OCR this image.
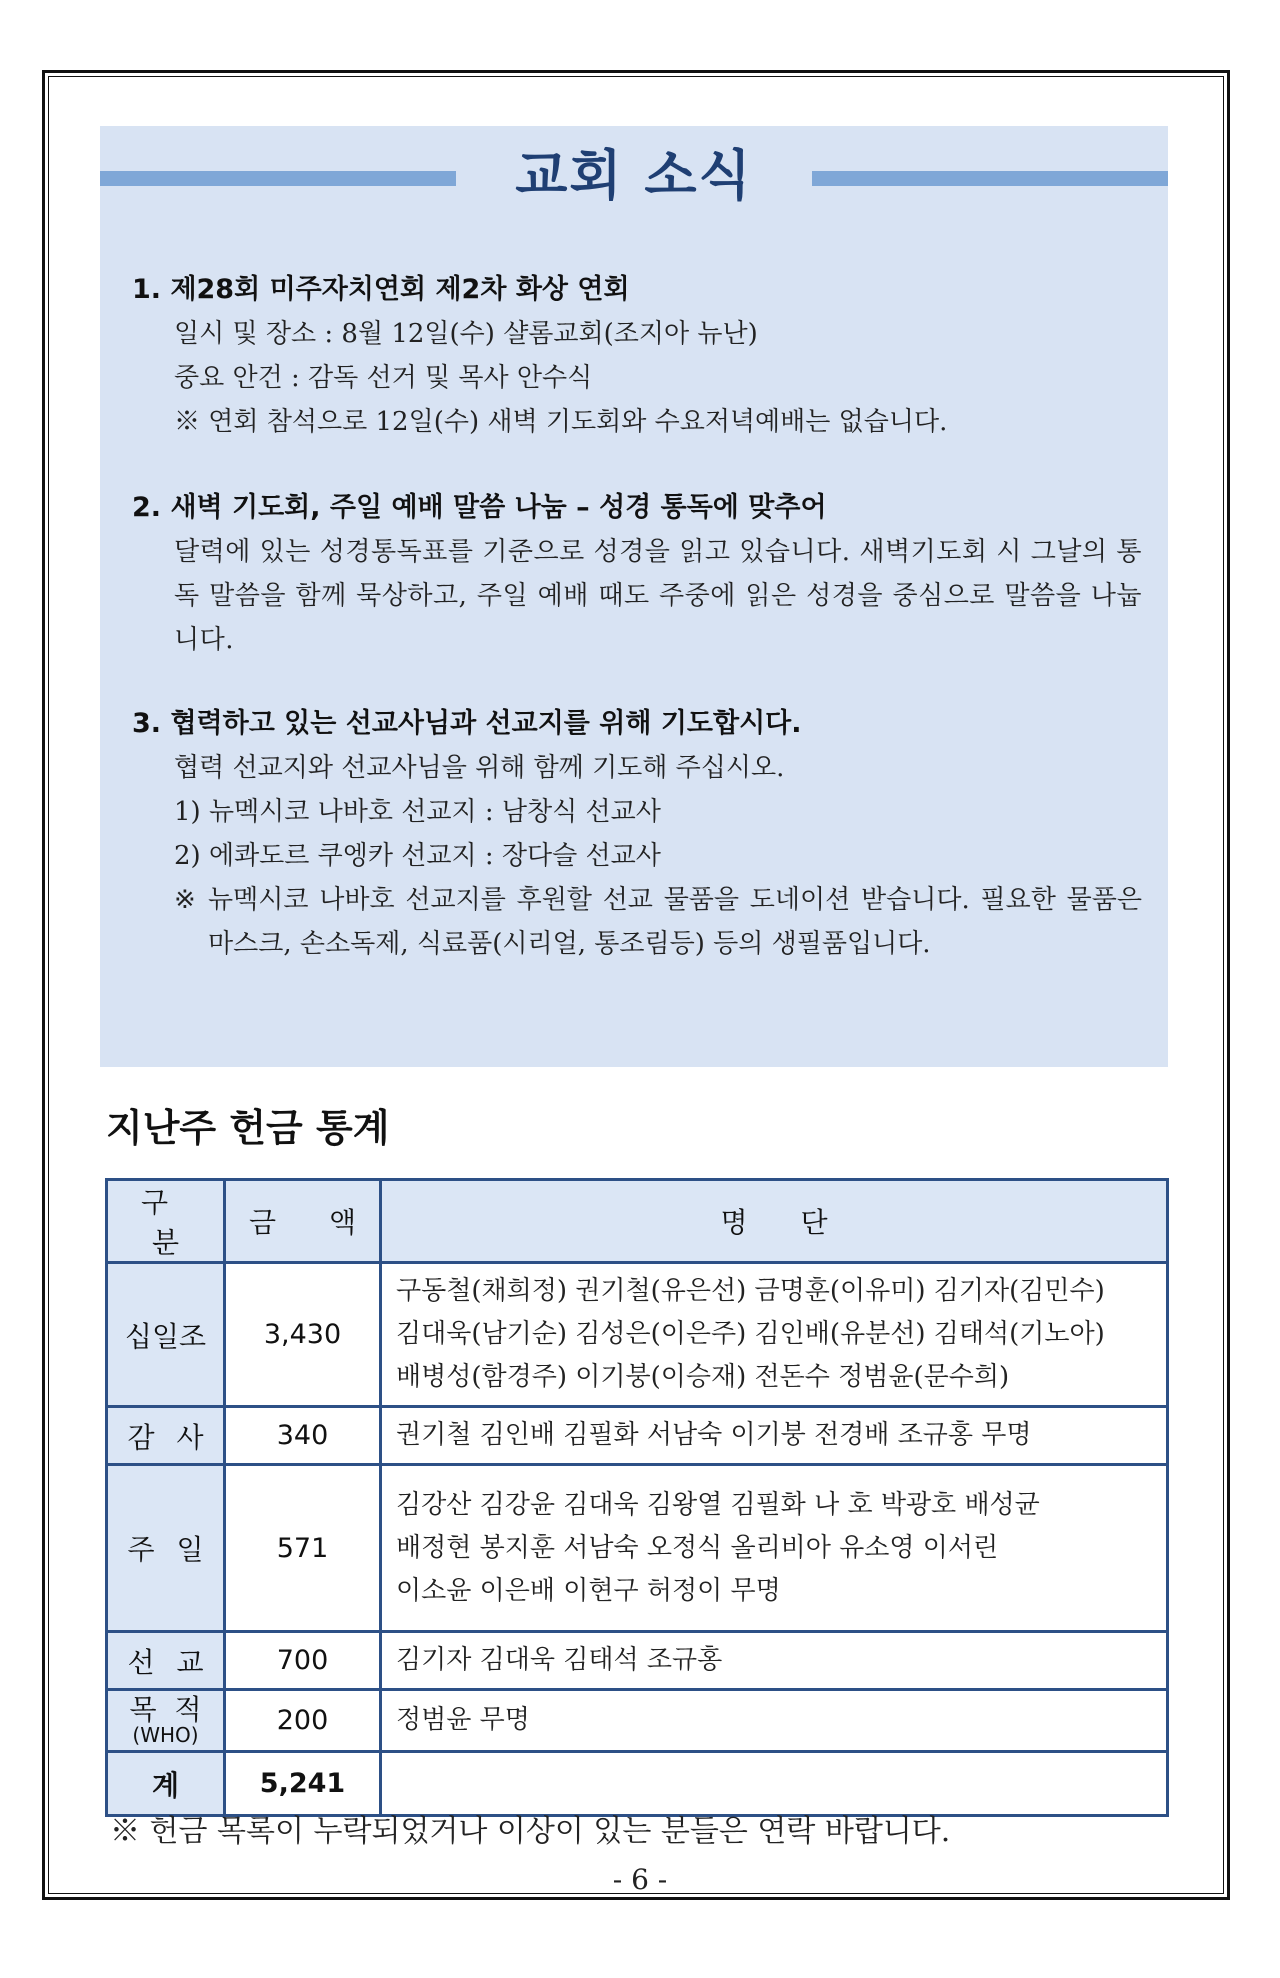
교회 소식
1. 제28회 미주자치연회 제2차 화상 연회
일시 및 장소 : 8월 12일(수) 샬롬교회(조지아 뉴난)
중요 안건 : 감독 선거 및 목사 안수식
※ 연회 참석으로 12일(수) 새벽 기도회와 수요저녁예배는 없습니다.
2. 새벽 기도회, 주일 예배 말씀 나눔 – 성경 통독에 맞추어
달력에 있는 성경통독표를 기준으로 성경을 읽고 있습니다. 새벽기도회 시 그날의 통독 말씀을 함께 묵상하고, 주일 예배 때도 주중에 읽은 성경을 중심으로 말씀을 나눕니다.
3. 협력하고 있는 선교사님과 선교지를 위해 기도합시다.
협력 선교지와 선교사님을 위해 함께 기도해 주십시오.
1) 뉴멕시코 나바호 선교지 : 남창식 선교사
2) 에콰도르 쿠엥카 선교지 : 장다슬 선교사
※ 뉴멕시코 나바호 선교지를 후원할 선교 물품을 도네이션 받습니다. 필요한 물품은 마스크, 손소독제, 식료품(시리얼, 통조림등) 등의 생필품입니다.
지난주 헌금 통계
구 분	금 액	명 단
십일조	3,430	구동철(채희정) 권기철(유은선) 금명훈(이유미) 김기자(김민수)
김대욱(남기순) 김성은(이은주) 김인배(유분선) 김태석(기노아)
배병성(함경주) 이기붕(이승재) 전돈수 정범윤(문수희)

감사	340	권기철 김인배 김필화 서남숙 이기붕 전경배 조규홍 무명

주일	571	김강산 김강윤 김대욱 김왕열 김필화 나 호 박광호 배성균
배정현 봉지훈 서남숙 오정식 올리비아 유소영 이서린
이소윤 이은배 이현구 허정이 무명

선교	700	김기자 김대욱 김태석 조규홍

목적
(WHO)	200	정범윤 무명

계	5,241	
※ 헌금 목록이 누락되었거나 이상이 있는 분들은 연락 바랍니다.
- 6 -
